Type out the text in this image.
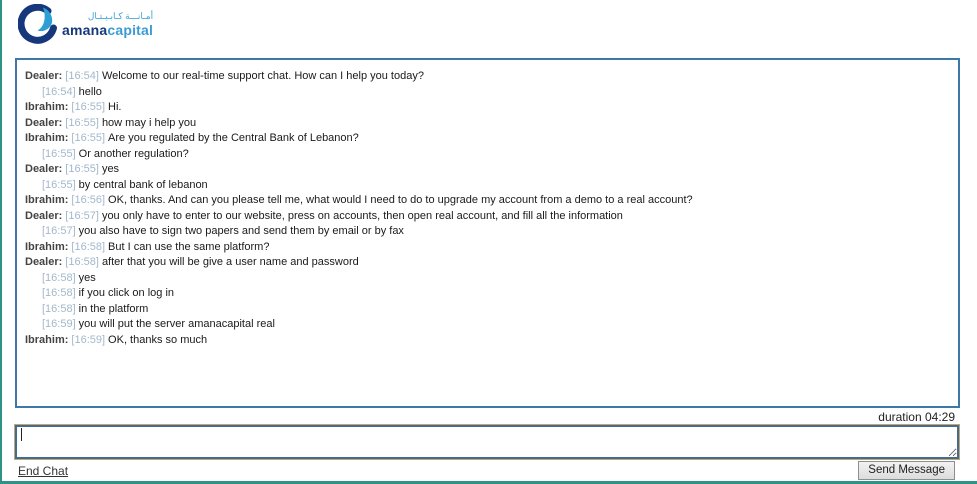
أمـانـــة كـابـيـتـال
amanacapital
Dealer: [16:54] Welcome to our real-time support chat. How can I help you today?
[16:54] hello
Ibrahim: [16:55] Hi.
Dealer: [16:55] how may i help you
Ibrahim: [16:55] Are you regulated by the Central Bank of Lebanon?
[16:55] Or another regulation?
Dealer: [16:55] yes
[16:55] by central bank of lebanon
Ibrahim: [16:56] OK, thanks. And can you please tell me, what would I need to do to upgrade my account from a demo to a real account?
Dealer: [16:57] you only have to enter to our website, press on accounts, then open real account, and fill all the information
[16:57] you also have to sign two papers and send them by email or by fax
Ibrahim: [16:58] But I can use the same platform?
Dealer: [16:58] after that you will be give a user name and password
[16:58] yes
[16:58] if you click on log in
[16:58] in the platform
[16:59] you will put the server amanacapital real
Ibrahim: [16:59] OK, thanks so much
duration 04:29
End Chat	Send Message
